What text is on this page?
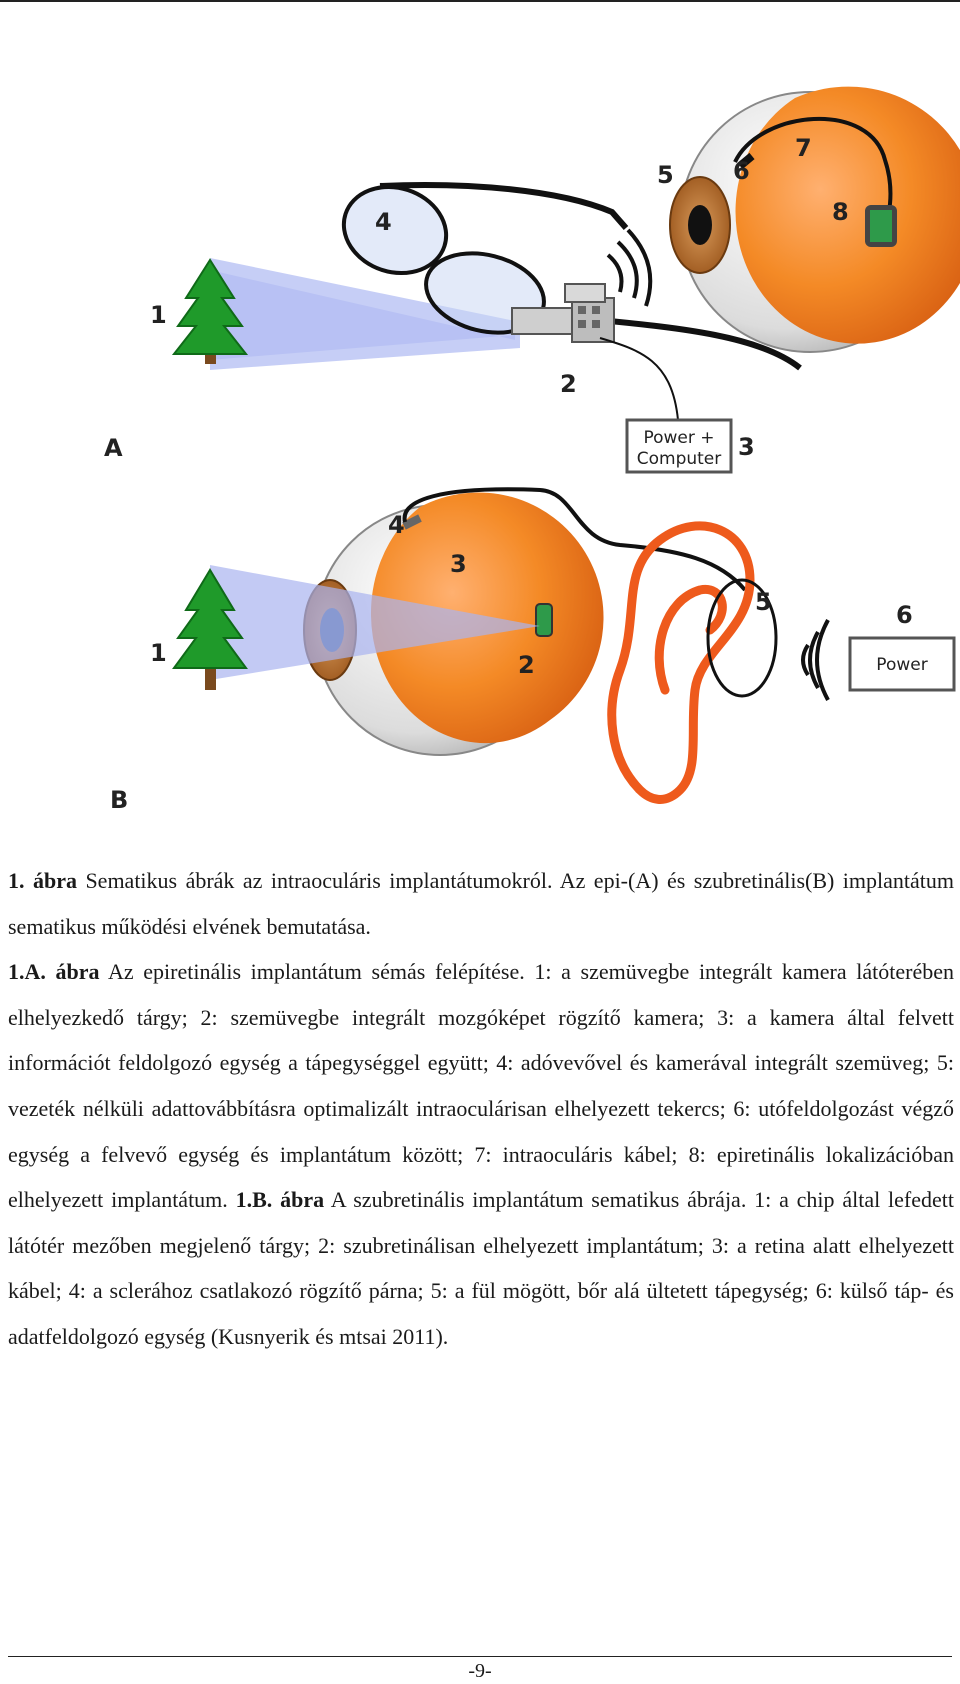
Power +
Computer
1
2
3
4
5 6
7
8
A
Power
1	2
3
4
5	6
B

1. ábra Sematikus ábrák az intraoculáris implantátumokról. Az epi-(A) és szubretinális(B) implantátum sematikus működési elvének bemutatása.

1.A. ábra Az epiretinális implantátum sémás felépítése. 1: a szemüvegbe integrált kamera látóterében elhelyezkedő tárgy; 2: szemüvegbe integrált mozgóképet rögzítő kamera; 3: a kamera által felvett információt feldolgozó egység a tápegységgel együtt; 4: adóvevővel és kamerával integrált szemüveg; 5: vezeték nélküli adattovábbításra optimalizált intraoculárisan elhelyezett tekercs; 6: utófeldolgozást végző egység a felvevő egység és implantátum között; 7: intraoculáris kábel; 8: epiretinális lokalizációban elhelyezett implantátum. 1.B. ábra A szubretinális implantátum sematikus ábrája. 1: a chip által lefedett látótér mezőben megjelenő tárgy; 2: szubretinálisan elhelyezett implantátum; 3: a retina alatt elhelyezett kábel; 4: a sclerához csatlakozó rögzítő párna; 5: a fül mögött, bőr alá ültetett tápegység; 6: külső táp- és adatfeldolgozó egység (Kusnyerik és mtsai 2011).

-9-
